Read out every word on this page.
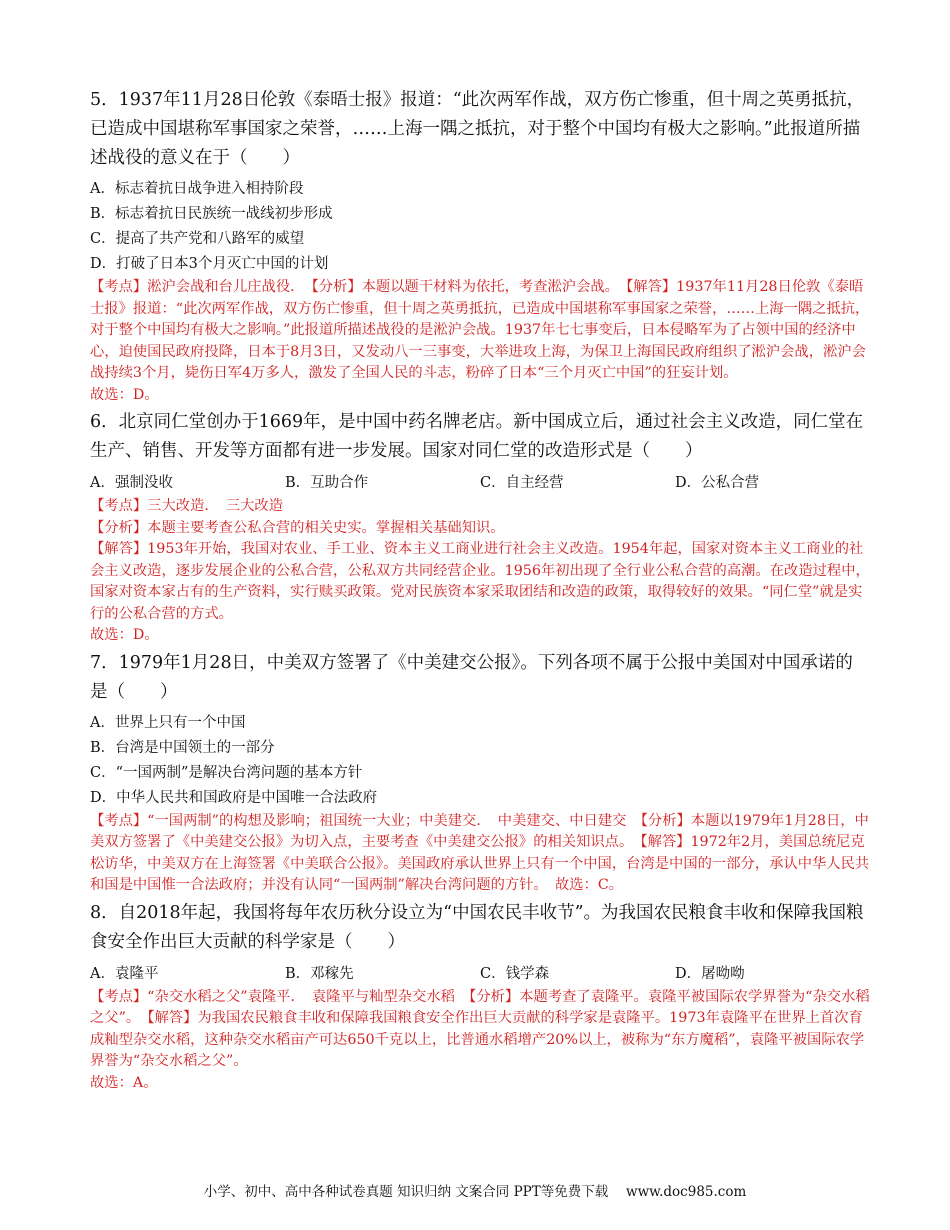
5．1937年11月28日伦敦《泰晤士报》报道：“此次两军作战，双方伤亡惨重，但十周之英勇抵抗，已造成中国堪称军事国家之荣誉，……上海一隅之抵抗，对于整个中国均有极大之影响。”此报道所描述战役的意义在于（　　）

A．标志着抗日战争进入相持阶段

B．标志着抗日民族统一战线初步形成

C．提高了共产党和八路军的威望

D．打破了日本3个月灭亡中国的计划

【考点】淞沪会战和台儿庄战役．　【分析】本题以题干材料为依托，考查淞沪会战。　【解答】1937年11月28日伦敦《泰晤士报》报道：“此次两军作战，双方伤亡惨重，但十周之英勇抵抗，已造成中国堪称军事国家之荣誉，……上海一隅之抵抗，对于整个中国均有极大之影响。”此报道所描述战役的是淞沪会战。1937年七七事变后，日本侵略军为了占领中国的经济中心，迫使国民政府投降，日本于8月3日，又发动八一三事变，大举进攻上海，为保卫上海国民政府组织了淞沪会战，淞沪会战持续3个月，毙伤日军4万多人，激发了全国人民的斗志，粉碎了日本“三个月灭亡中国”的狂妄计划。

故选：D。

6．北京同仁堂创办于1669年，是中国中药名牌老店。新中国成立后，通过社会主义改造，同仁堂在生产、销售、开发等方面都有进一步发展。国家对同仁堂的改造形式是（　　）

A．强制没收	B．互助合作	C．自主经营	D．公私合营

【考点】三大改造．　三大改造

【分析】本题主要考查公私合营的相关史实。掌握相关基础知识。

【解答】1953年开始，我国对农业、手工业、资本主义工商业进行社会主义改造。1954年起，国家对资本主义工商业的社会主义改造，逐步发展企业的公私合营，公私双方共同经营企业。1956年初出现了全行业公私合营的高潮。在改造过程中，国家对资本家占有的生产资料，实行赎买政策。党对民族资本家采取团结和改造的政策，取得较好的效果。“同仁堂”就是实行的公私合营的方式。

故选：D。

7．1979年1月28日，中美双方签署了《中美建交公报》。下列各项不属于公报中美国对中国承诺的是（　　）

A．世界上只有一个中国

B．台湾是中国领土的一部分

C．“一国两制”是解决台湾问题的基本方针

D．中华人民共和国政府是中国唯一合法政府

【考点】“一国两制”的构想及影响；祖国统一大业；中美建交．　中美建交、中日建交　【分析】本题以1979年1月28日，中美双方签署了《中美建交公报》为切入点，主要考查《中美建交公报》的相关知识点。　【解答】1972年2月，美国总统尼克松访华，中美双方在上海签署《中美联合公报》。美国政府承认世界上只有一个中国，台湾是中国的一部分，承认中华人民共和国是中国惟一合法政府；并没有认同“一国两制”解决台湾问题的方针。　故选：C。

8．自2018年起，我国将每年农历秋分设立为“中国农民丰收节”。为我国农民粮食丰收和保障我国粮食安全作出巨大贡献的科学家是（　　）

A．袁隆平	B．邓稼先	C．钱学森	D．屠呦呦

【考点】“杂交水稻之父”袁隆平．　袁隆平与籼型杂交水稻　【分析】本题考查了袁隆平。袁隆平被国际农学界誉为“杂交水稻之父”。　【解答】为我国农民粮食丰收和保障我国粮食安全作出巨大贡献的科学家是袁隆平。1973年袁隆平在世界上首次育成籼型杂交水稻，这种杂交水稻亩产可达650千克以上，比普通水稻增产20%以上，被称为“东方魔稻”，袁隆平被国际农学界誉为“杂交水稻之父”。

故选：A。

小学、初中、高中各种试卷真题 知识归纳 文案合同 PPT等免费下载　 www.doc985.com
